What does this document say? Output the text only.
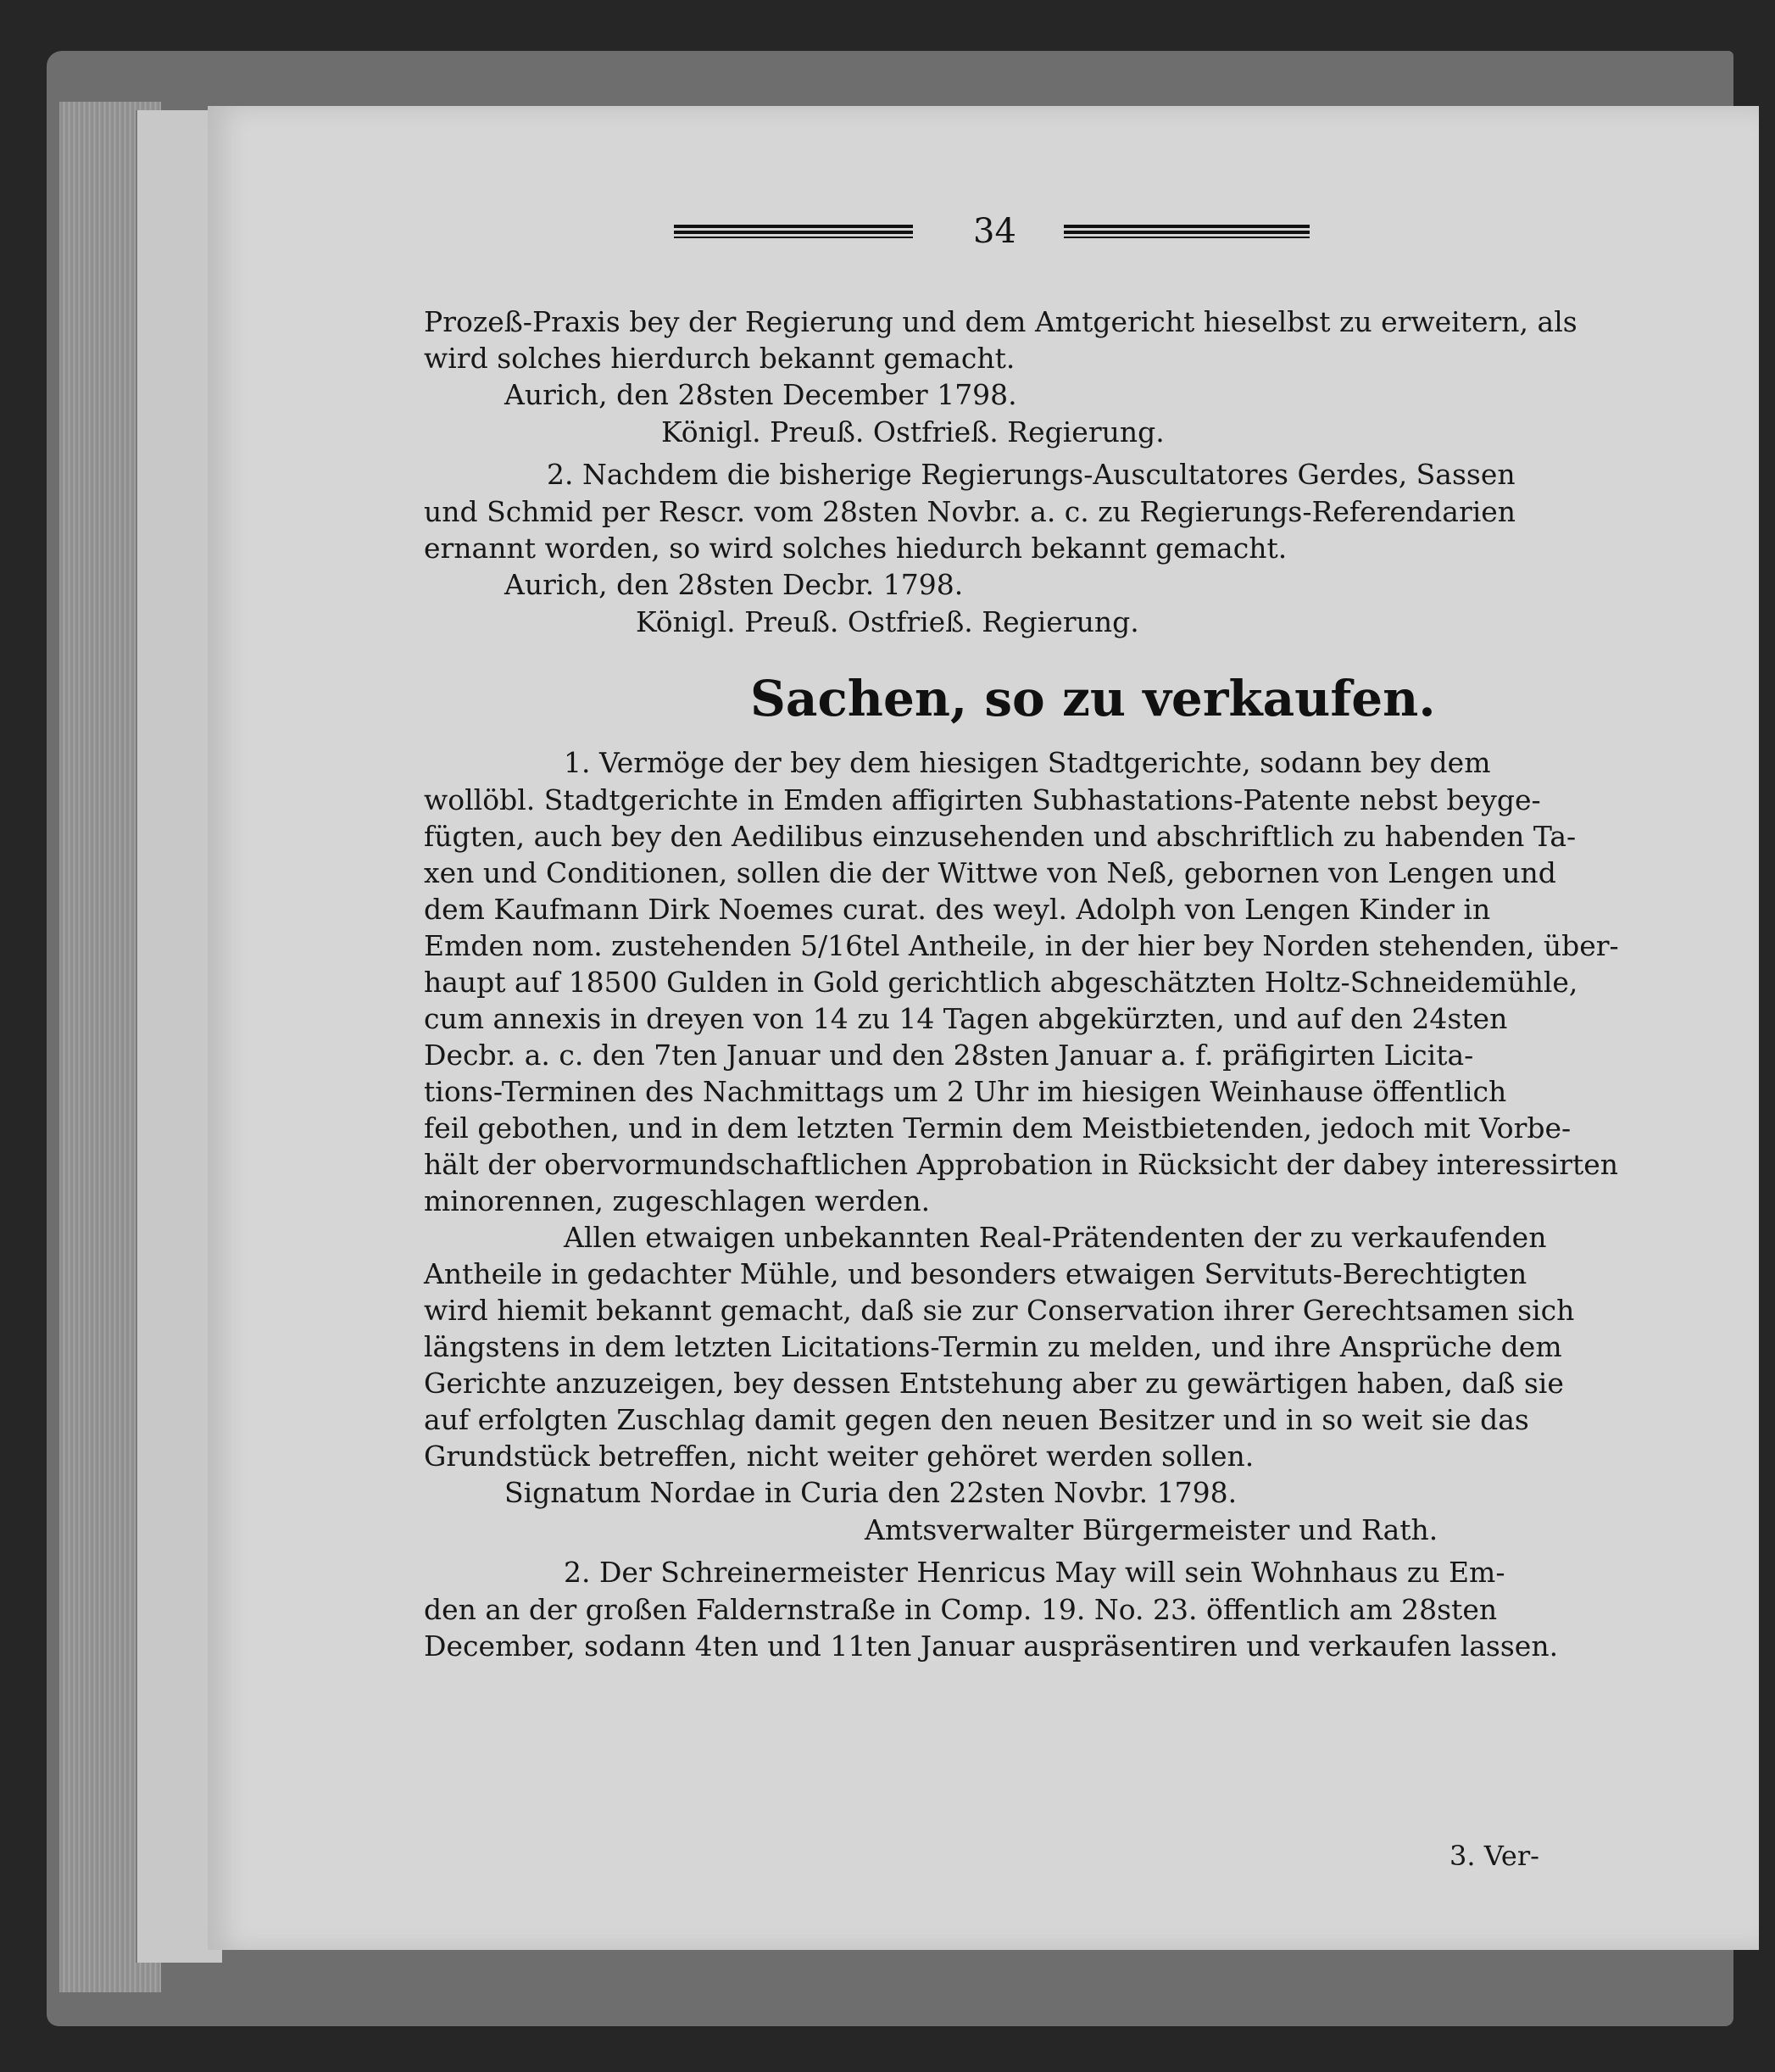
34
Prozeß-Praxis bey der Regierung und dem Amtgericht hieselbst zu erweitern, als
wird solches hierdurch bekannt gemacht.
Aurich, den 28sten December 1798.
Königl. Preuß. Ostfrieß. Regierung.
2. Nachdem die bisherige Regierungs-Auscultatores Gerdes, Sassen
und Schmid per Rescr. vom 28sten Novbr. a. c. zu Regierungs-Referendarien
ernannt worden, so wird solches hiedurch bekannt gemacht.
Aurich, den 28sten Decbr. 1798.
Königl. Preuß. Ostfrieß. Regierung.
Sachen, so zu verkaufen.
1. Vermöge der bey dem hiesigen Stadtgerichte, sodann bey dem
wollöbl. Stadtgerichte in Emden affigirten Subhastations-Patente nebst beyge-
fügten, auch bey den Aedilibus einzusehenden und abschriftlich zu habenden Ta-
xen und Conditionen, sollen die der Wittwe von Neß, gebornen von Lengen und
dem Kaufmann Dirk Noemes curat. des weyl. Adolph von Lengen Kinder in
Emden nom. zustehenden 5/16tel Antheile, in der hier bey Norden stehenden, über-
haupt auf 18500 Gulden in Gold gerichtlich abgeschätzten Holtz-Schneidemühle,
cum annexis in dreyen von 14 zu 14 Tagen abgekürzten, und auf den 24sten
Decbr. a. c. den 7ten Januar und den 28sten Januar a. f. präfigirten Licita-
tions-Terminen des Nachmittags um 2 Uhr im hiesigen Weinhause öffentlich
feil gebothen, und in dem letzten Termin dem Meistbietenden, jedoch mit Vorbe-
hält der obervormundschaftlichen Approbation in Rücksicht der dabey interessirten
minorennen, zugeschlagen werden.
Allen etwaigen unbekannten Real-Prätendenten der zu verkaufenden
Antheile in gedachter Mühle, und besonders etwaigen Servituts-Berechtigten
wird hiemit bekannt gemacht, daß sie zur Conservation ihrer Gerechtsamen sich
längstens in dem letzten Licitations-Termin zu melden, und ihre Ansprüche dem
Gerichte anzuzeigen, bey dessen Entstehung aber zu gewärtigen haben, daß sie
auf erfolgten Zuschlag damit gegen den neuen Besitzer und in so weit sie das
Grundstück betreffen, nicht weiter gehöret werden sollen.
Signatum Nordae in Curia den 22sten Novbr. 1798.
Amtsverwalter Bürgermeister und Rath.
2. Der Schreinermeister Henricus May will sein Wohnhaus zu Em-
den an der großen Faldernstraße in Comp. 19. No. 23. öffentlich am 28sten
December, sodann 4ten und 11ten Januar auspräsentiren und verkaufen lassen.
3. Ver-
